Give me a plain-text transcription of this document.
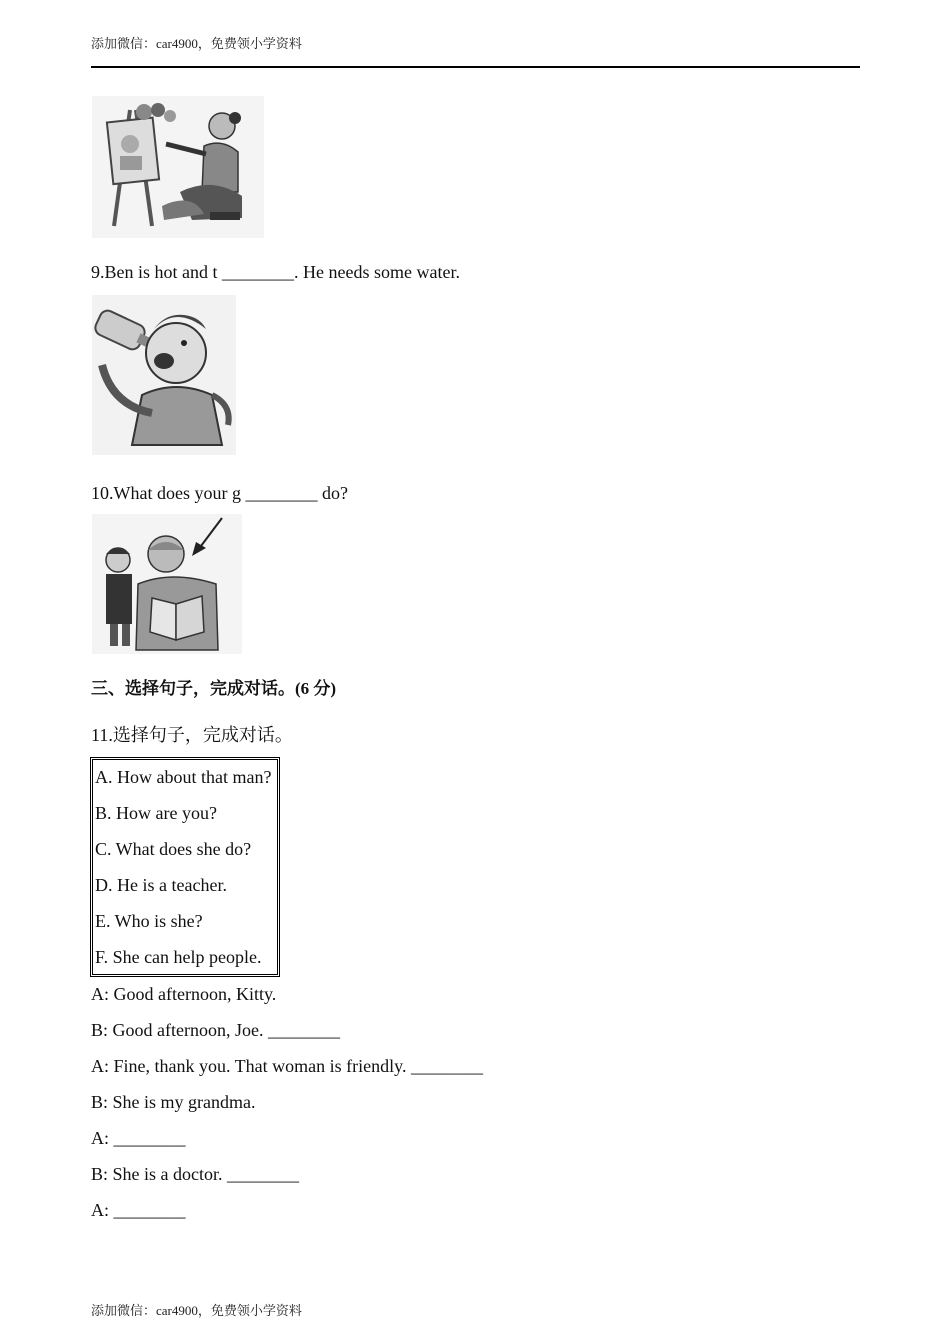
添加微信：car4900，免费领小学资料
9.Ben is hot and t ________. He needs some water.
10.What does your g ________ do?
三、选择句子，完成对话。(6 分)
11.选择句子，完成对话。
A. How about that man?
B. How are you?
C. What does she do?
D. He is a teacher.
E. Who is she?
F. She can help people.
A: Good afternoon, Kitty.
B: Good afternoon, Joe. ________
A: Fine, thank you. That woman is friendly. ________
B: She is my grandma.
A: ________
B: She is a doctor. ________
A: ________
添加微信：car4900，免费领小学资料
